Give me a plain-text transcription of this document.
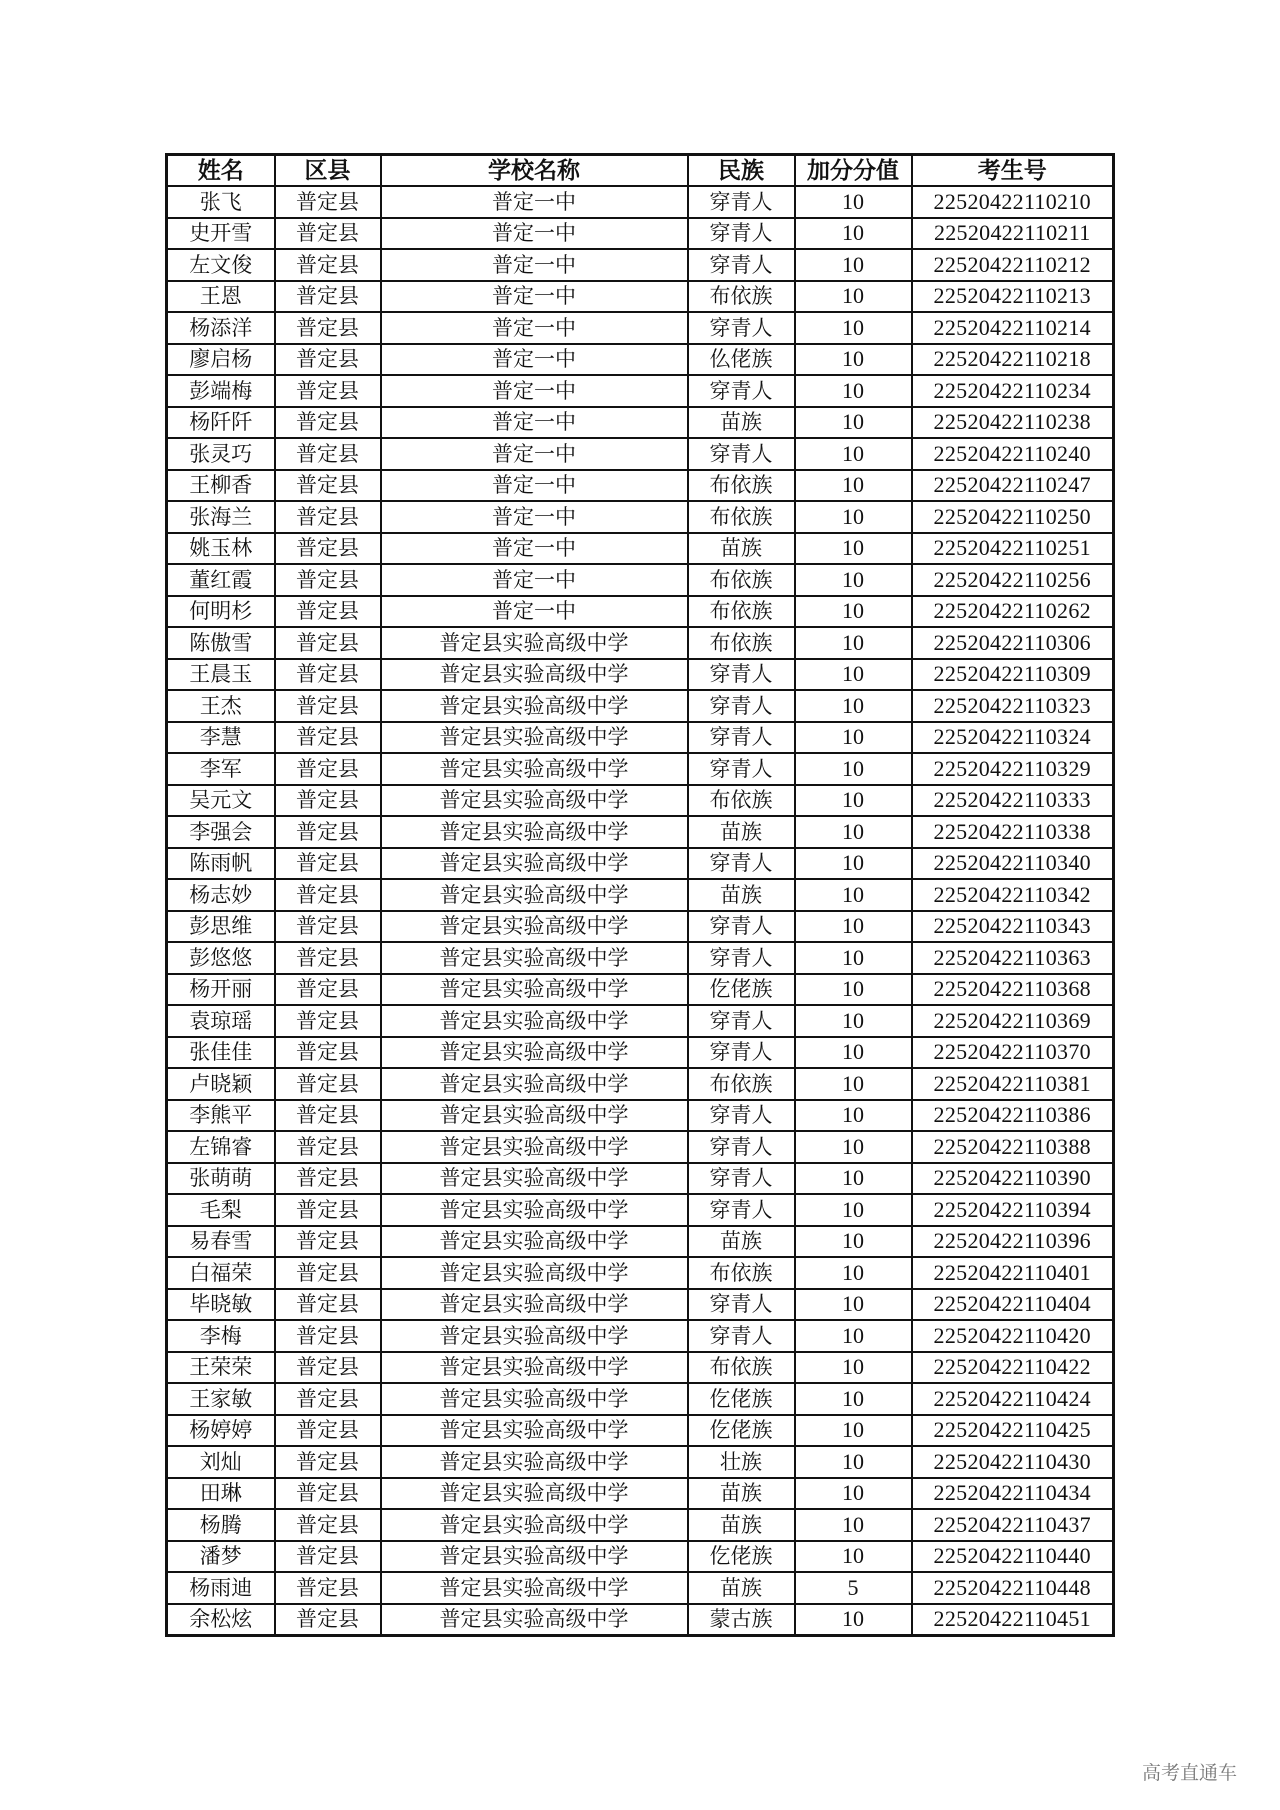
姓名	区县	学校名称	民族	加分分值	考生号
张飞	普定县	普定一中	穿青人	10	22520422110210
史开雪	普定县	普定一中	穿青人	10	22520422110211
左文俊	普定县	普定一中	穿青人	10	22520422110212
王恩	普定县	普定一中	布依族	10	22520422110213
杨添洋	普定县	普定一中	穿青人	10	22520422110214
廖启杨	普定县	普定一中	仫佬族	10	22520422110218
彭端梅	普定县	普定一中	穿青人	10	22520422110234
杨阡阡	普定县	普定一中	苗族	10	22520422110238
张灵巧	普定县	普定一中	穿青人	10	22520422110240
王柳香	普定县	普定一中	布依族	10	22520422110247
张海兰	普定县	普定一中	布依族	10	22520422110250
姚玉林	普定县	普定一中	苗族	10	22520422110251
董红霞	普定县	普定一中	布依族	10	22520422110256
何明杉	普定县	普定一中	布依族	10	22520422110262
陈傲雪	普定县	普定县实验高级中学	布依族	10	22520422110306
王晨玉	普定县	普定县实验高级中学	穿青人	10	22520422110309
王杰	普定县	普定县实验高级中学	穿青人	10	22520422110323
李慧	普定县	普定县实验高级中学	穿青人	10	22520422110324
李军	普定县	普定县实验高级中学	穿青人	10	22520422110329
吴元文	普定县	普定县实验高级中学	布依族	10	22520422110333
李强会	普定县	普定县实验高级中学	苗族	10	22520422110338
陈雨帆	普定县	普定县实验高级中学	穿青人	10	22520422110340
杨志妙	普定县	普定县实验高级中学	苗族	10	22520422110342
彭思维	普定县	普定县实验高级中学	穿青人	10	22520422110343
彭悠悠	普定县	普定县实验高级中学	穿青人	10	22520422110363
杨开丽	普定县	普定县实验高级中学	仡佬族	10	22520422110368
袁琼瑶	普定县	普定县实验高级中学	穿青人	10	22520422110369
张佳佳	普定县	普定县实验高级中学	穿青人	10	22520422110370
卢晓颖	普定县	普定县实验高级中学	布依族	10	22520422110381
李熊平	普定县	普定县实验高级中学	穿青人	10	22520422110386
左锦睿	普定县	普定县实验高级中学	穿青人	10	22520422110388
张萌萌	普定县	普定县实验高级中学	穿青人	10	22520422110390
毛梨	普定县	普定县实验高级中学	穿青人	10	22520422110394
易春雪	普定县	普定县实验高级中学	苗族	10	22520422110396
白福荣	普定县	普定县实验高级中学	布依族	10	22520422110401
毕晓敏	普定县	普定县实验高级中学	穿青人	10	22520422110404
李梅	普定县	普定县实验高级中学	穿青人	10	22520422110420
王荣荣	普定县	普定县实验高级中学	布依族	10	22520422110422
王家敏	普定县	普定县实验高级中学	仡佬族	10	22520422110424
杨婷婷	普定县	普定县实验高级中学	仡佬族	10	22520422110425
刘灿	普定县	普定县实验高级中学	壮族	10	22520422110430
田琳	普定县	普定县实验高级中学	苗族	10	22520422110434
杨腾	普定县	普定县实验高级中学	苗族	10	22520422110437
潘梦	普定县	普定县实验高级中学	仡佬族	10	22520422110440
杨雨迪	普定县	普定县实验高级中学	苗族	5	22520422110448
余松炫	普定县	普定县实验高级中学	蒙古族	10	22520422110451
高考直通车
